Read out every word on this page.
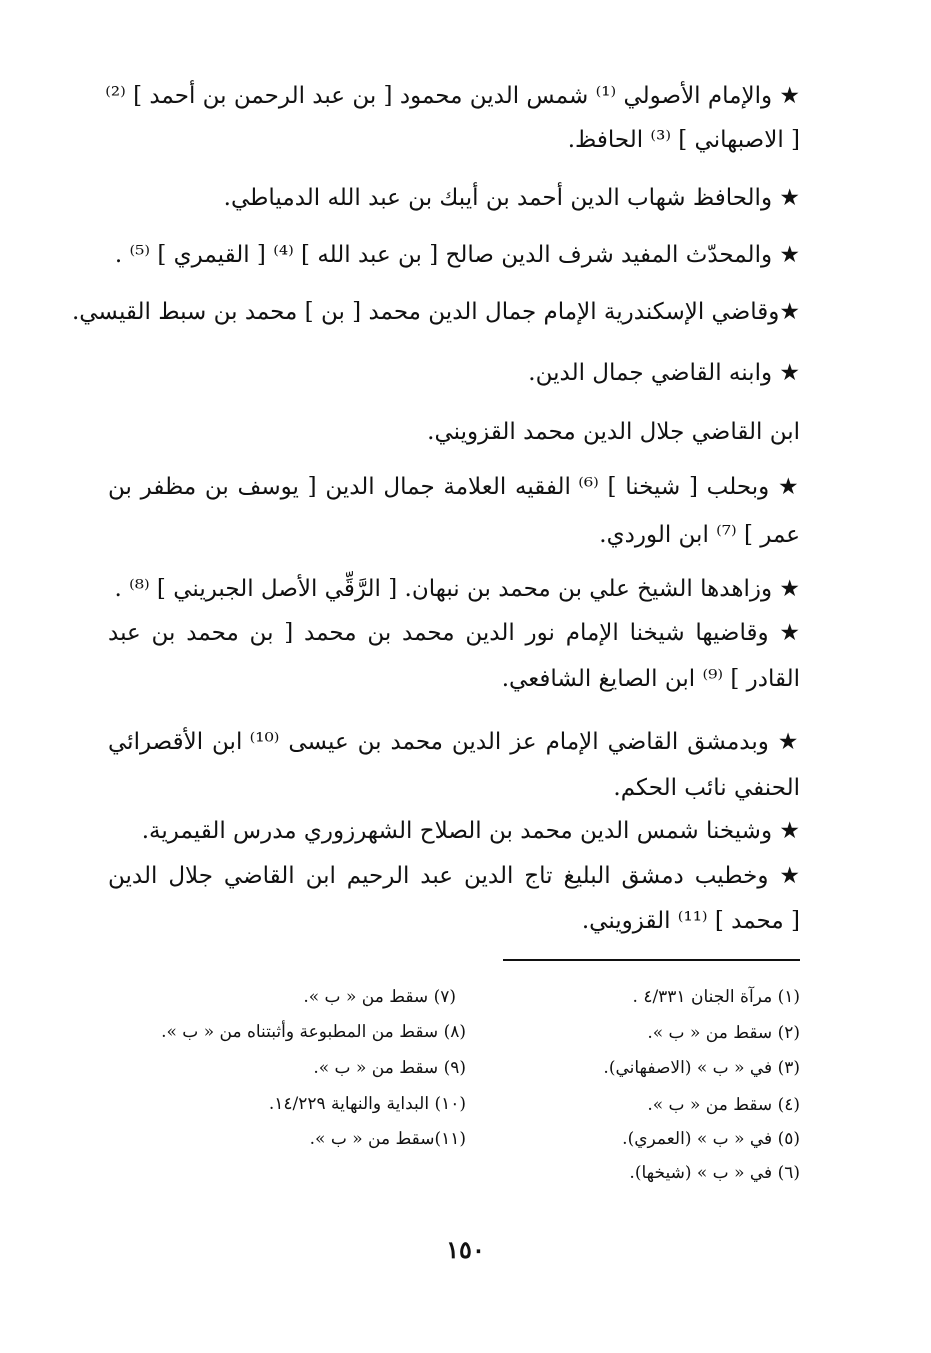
★ والإمام الأصولي ⁽¹⁾ شمس الدين محمود [ بن عبد الرحمن بن أحمد ] ⁽²⁾
[ الاصبهاني ] ⁽³⁾ الحافظ.
★ والحافظ شهاب الدين أحمد بن أيبك بن عبد الله الدمياطي.
★ والمحدّث المفيد شرف الدين صالح [ بن عبد الله ] ⁽⁴⁾ [ القيمري ] ⁽⁵⁾ .
★وقاضي الإسكندرية الإمام جمال الدين محمد [ بن ] محمد بن سبط القيسي.
★ وابنه القاضي جمال الدين.
ابن القاضي جلال الدين محمد القزويني.
★ وبحلب [ شيخنا ] ⁽⁶⁾ الفقيه العلامة جمال الدين [ يوسف بن مظفر بن
عمر ] ⁽⁷⁾ ابن الوردي.
★ وزاهدها الشيخ علي بن محمد بن نبهان. [ الرَّقِّي الأصل الجبريني ] ⁽⁸⁾ .
★ وقاضيها شيخنا الإمام نور الدين محمد بن محمد [ بن محمد بن عبد
القادر ] ⁽⁹⁾ ابن الصايغ الشافعي.
★ وبدمشق القاضي الإمام عز الدين محمد بن عيسى ⁽¹⁰⁾ ابن الأقصرائي
الحنفي نائب الحكم.
★ وشيخنا شمس الدين محمد بن الصلاح الشهرزوري مدرس القيمرية.
★ وخطيب دمشق البليغ تاج الدين عبد الرحيم ابن القاضي جلال الدين
[ محمد ] ⁽¹¹⁾ القزويني.
(١) مرآة الجنان ٤/٣٣١ .
(٢) سقط من « ب ».
(٣) في « ب » (الاصفهاني).
(٤) سقط من « ب ».
(٥) في « ب » (العمري).
(٦) في « ب » (شيخها).
(٧) سقط من « ب ».
(٨) سقط من المطبوعة وأثبتناه من « ب ».
(٩) سقط من « ب ».
(١٠) البداية والنهاية ١٤/٢٢٩.
(١١)سقط من « ب ».
١٥٠
